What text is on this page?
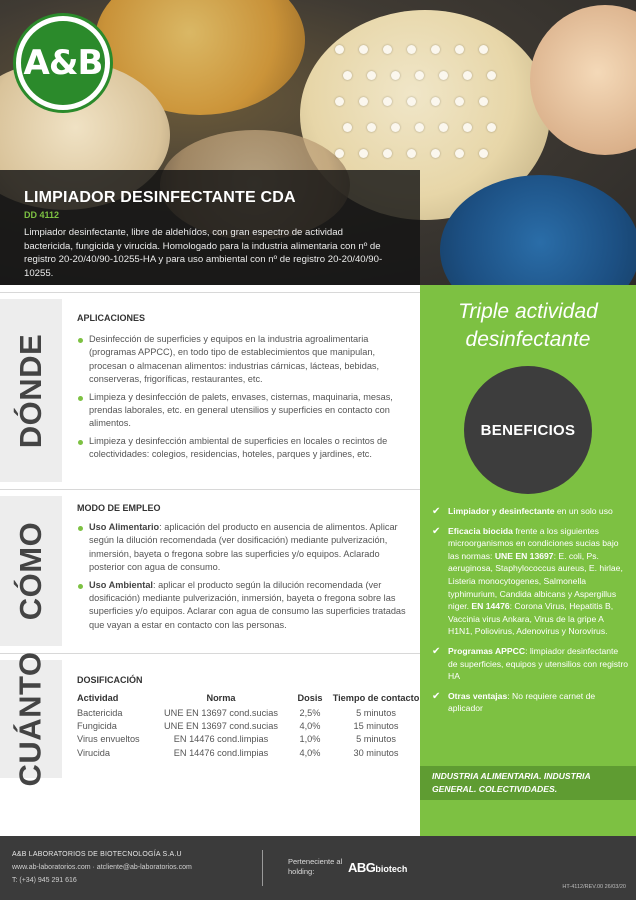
A&B
LIMPIADOR DESINFECTANTE CDA
DD 4112
Limpiador desinfectante, libre de aldehídos, con gran espectro de actividad bactericida, fungicida y virucida. Homologado para la industria alimentaria con nº de registro 20-20/40/90-10255-HA y para uso ambiental con nº de registro 20-20/40/90-10255.
DÓNDE
APLICACIONES
Desinfección de superficies y equipos en la industria agroalimentaria (programas APPCC), en todo tipo de establecimientos que manipulan, procesan o almacenan alimentos: industrias cárnicas, lácteas, bebidas, conserveras, frigoríficas, restaurantes, etc.
Limpieza y desinfección de palets, envases, cisternas, maquinaria, mesas, prendas laborales, etc. en general utensilios y superficies en contacto con alimentos.
Limpieza y desinfección ambiental de superficies en locales o recintos de colectividades: colegios, residencias, hoteles, parques y jardines, etc.
CÓMO
MODO DE EMPLEO
Uso Alimentario: aplicación del producto en ausencia de alimentos. Aplicar según la dilución recomendada (ver dosificación) mediante pulverización, inmersión, bayeta o fregona sobre las superficies y/o equipos. Aclarado posterior con agua de consumo.
Uso Ambiental: aplicar el producto según la dilución recomendada (ver dosificación) mediante pulverización, inmersión, bayeta o fregona sobre las superficies y/o equipos. Aclarar con agua de consumo las superficies tratadas que vayan a estar en contacto con las personas.
CUÁNTO	DOSIFICACIÓN
Actividad	Norma	Dosis	Tiempo de contacto
Bactericida	UNE EN 13697 cond.sucias	2,5%	5 minutos
Fungicida	UNE EN 13697 cond.sucias	4,0%	15 minutos
Virus envueltos	EN 14476 cond.limpias	1,0%	5 minutos
Virucida	EN 14476 cond.limpias	4,0%	30 minutos
Triple actividad
desinfectante
BENEFICIOS
✔ Limpiador y desinfectante en un solo uso
✔ Eficacia biocida frente a los siguientes microorganismos en condiciones sucias bajo las normas: UNE EN 13697: E. coli, Ps. aeruginosa, Staphylococcus aureus, E. hirlae, Listeria monocytogenes, Salmonella typhimurium, Candida albicans y Aspergillus niger. EN 14476: Corona Virus, Hepatitis B, Vaccinia virus Ankara, Virus de la gripe A H1N1, Poliovirus, Adenovirus y Norovirus.
✔ Programas APPCC: limpiador desinfectante de superficies, equipos y utensilios con registro HA
✔ Otras ventajas: No requiere carnet de aplicador
INDUSTRIA ALIMENTARIA. INDUSTRIA GENERAL. COLECTIVIDADES.
A&B LABORATORIOS DE BIOTECNOLOGÍA S.A.U
www.ab-laboratorios.com · atcliente@ab-laboratorios.com
T: (+34) 945 291 616
Perteneciente al holding:	ABGbiotech
HT-4112/REV.00 26/03/20
